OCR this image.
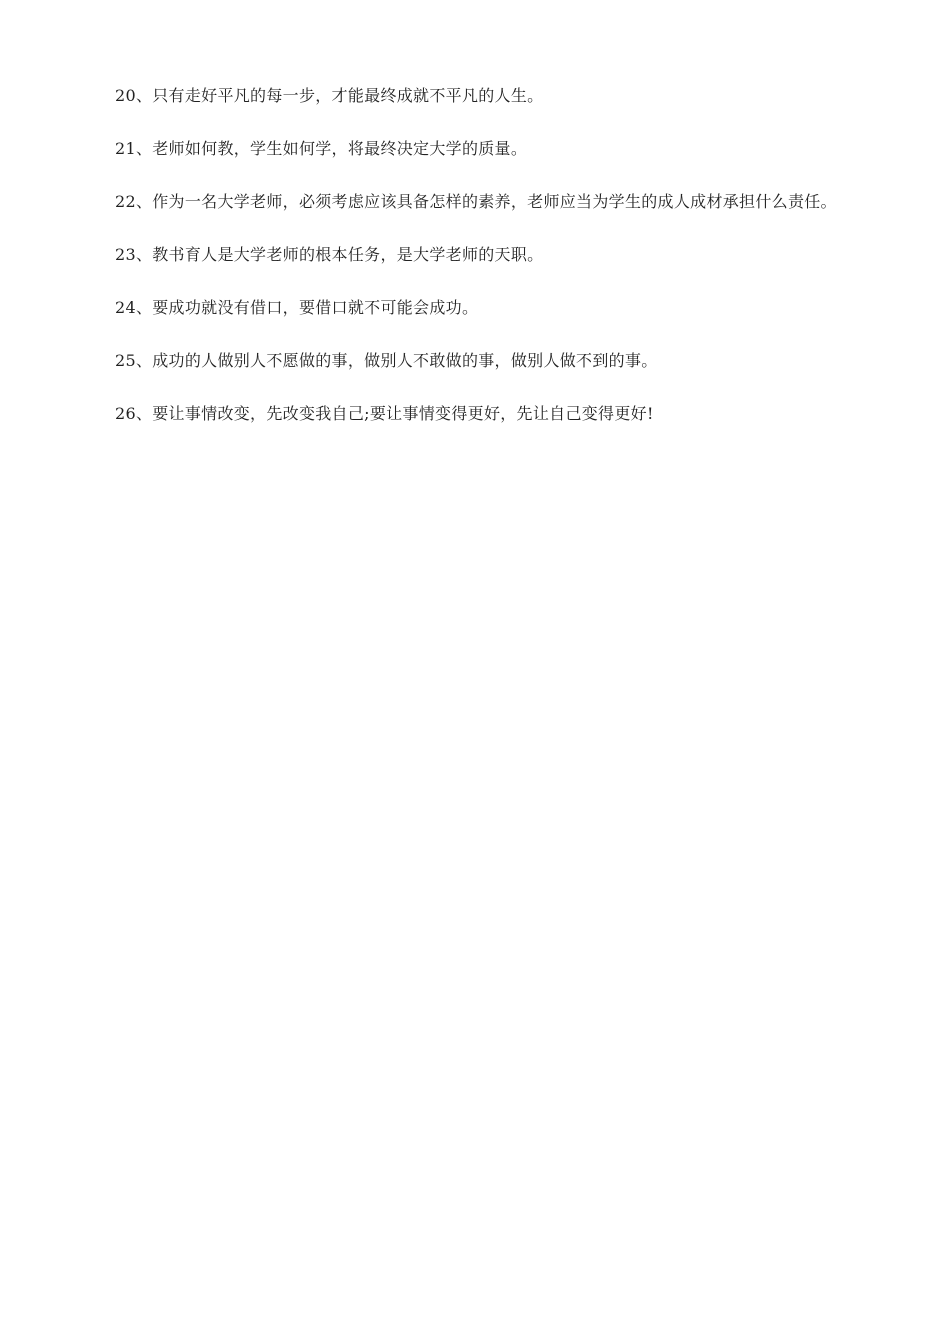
20、只有走好平凡的每一步，才能最终成就不平凡的人生。

21、老师如何教，学生如何学，将最终决定大学的质量。

22、作为一名大学老师，必须考虑应该具备怎样的素养，老师应当为学生的成人成材承担什么责任。

23、教书育人是大学老师的根本任务，是大学老师的天职。

24、要成功就没有借口，要借口就不可能会成功。

25、成功的人做别人不愿做的事，做别人不敢做的事，做别人做不到的事。

26、要让事情改变，先改变我自己;要让事情变得更好，先让自己变得更好!
